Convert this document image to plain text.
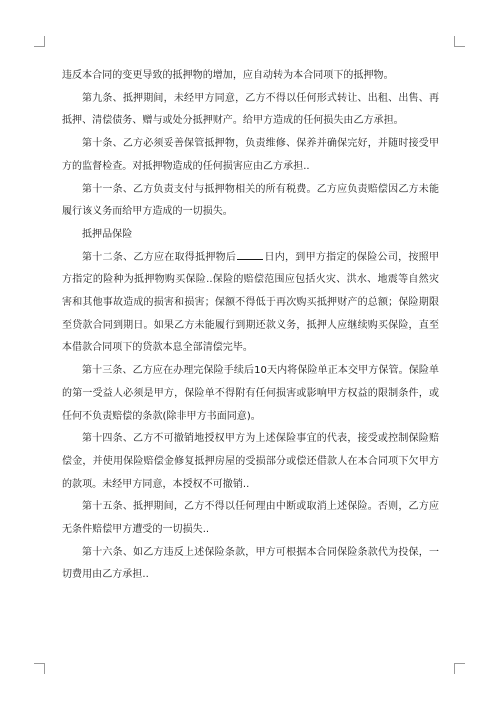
违反本合同的变更导致的抵押物的增加，应自动转为本合同项下的抵押物。

第九条、抵押期间，未经甲方同意，乙方不得以任何形式转让、出租、出售、再抵押、清偿债务、赠与或处分抵押财产。给甲方造成的任何损失由乙方承担。

第十条、乙方必须妥善保管抵押物，负责维修、保养并确保完好，并随时接受甲方的监督检查。对抵押物造成的任何损害应由乙方承担..

第十一条、乙方负责支付与抵押物相关的所有税费。乙方应负责赔偿因乙方未能履行该义务而给甲方造成的一切损失。

抵押品保险

第十二条、乙方应在取得抵押物后	日内，到甲方指定的保险公司，按照甲方指定的险种为抵押物购买保险..保险的赔偿范围应包括火灾、洪水、地震等自然灾害和其他事故造成的损害和损害；保额不得低于再次购买抵押财产的总额；保险期限至贷款合同到期日。如果乙方未能履行到期还款义务，抵押人应继续购买保险，直至本借款合同项下的贷款本息全部清偿完毕。

第十三条、乙方应在办理完保险手续后10天内将保险单正本交甲方保管。保险单的第一受益人必须是甲方，保险单不得附有任何损害或影响甲方权益的限制条件，或任何不负责赔偿的条款(除非甲方书面同意)。

第十四条、乙方不可撤销地授权甲方为上述保险事宜的代表，接受或控制保险赔偿金，并使用保险赔偿金修复抵押房屋的受损部分或偿还借款人在本合同项下欠甲方的款项。未经甲方同意，本授权不可撤销..

第十五条、抵押期间，乙方不得以任何理由中断或取消上述保险。否则，乙方应无条件赔偿甲方遭受的一切损失..

第十六条、如乙方违反上述保险条款，甲方可根据本合同保险条款代为投保，一切费用由乙方承担..
